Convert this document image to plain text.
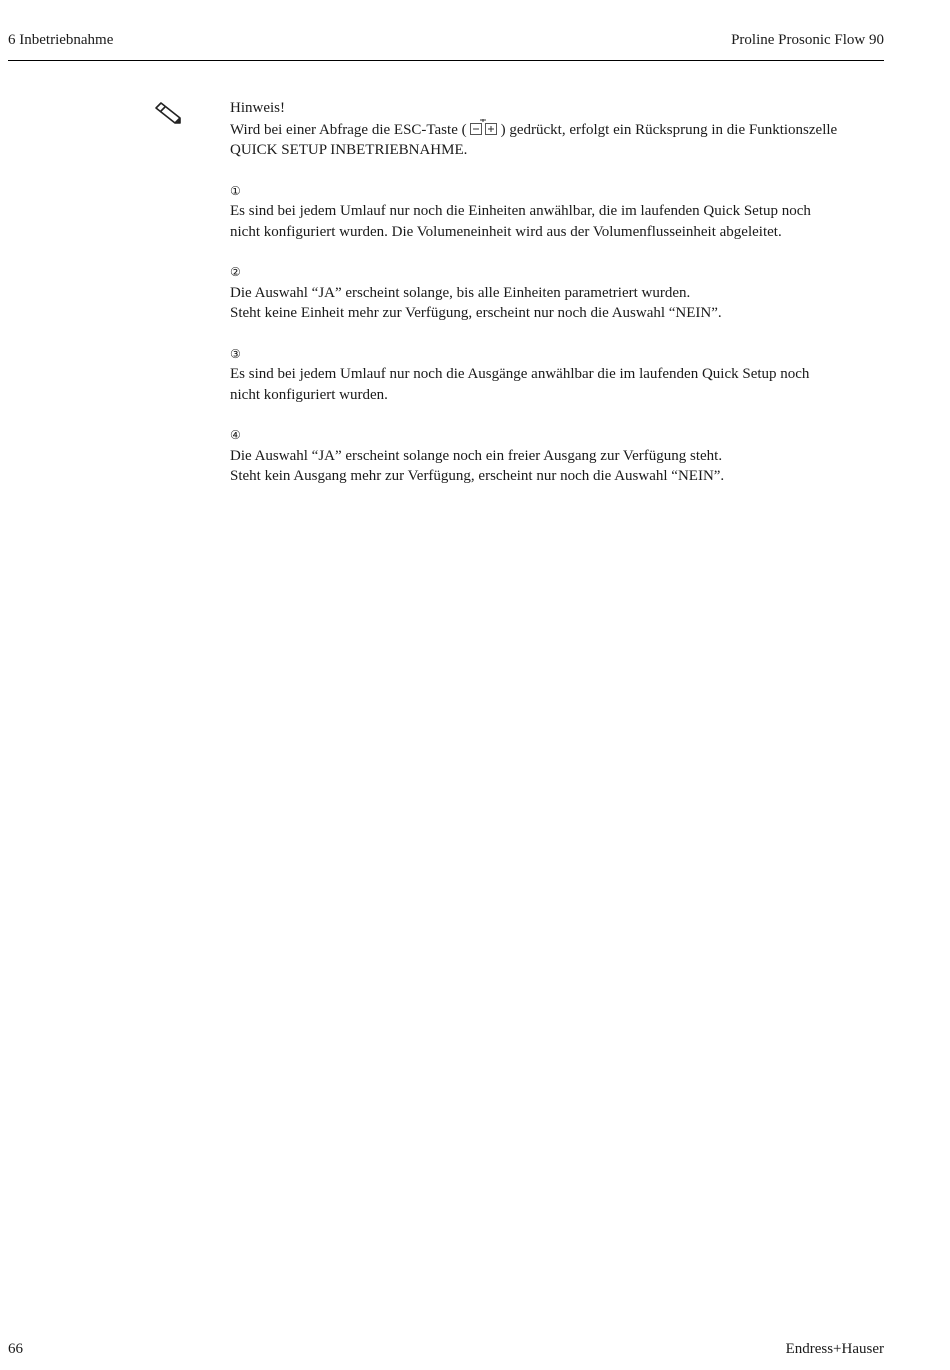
6 Inbetriebnahme	Proline Prosonic Flow 90

Hinweis!

Wird bei einer Abfrage die ESC-Taste ( ) gedrückt, erfolgt ein Rücksprung in die Funktionszelle

QUICK SETUP INBETRIEBNAHME.

①

Es sind bei jedem Umlauf nur noch die Einheiten anwählbar, die im laufenden Quick Setup noch

nicht konfiguriert wurden. Die Volumeneinheit wird aus der Volumenflusseinheit abgeleitet.

②

Die Auswahl “JA” erscheint solange, bis alle Einheiten parametriert wurden.

Steht keine Einheit mehr zur Verfügung, erscheint nur noch die Auswahl “NEIN”.

③

Es sind bei jedem Umlauf nur noch die Ausgänge anwählbar die im laufenden Quick Setup noch

nicht konfiguriert wurden.

④

Die Auswahl “JA” erscheint solange noch ein freier Ausgang zur Verfügung steht.

Steht kein Ausgang mehr zur Verfügung, erscheint nur noch die Auswahl “NEIN”.

66	Endress+Hauser
